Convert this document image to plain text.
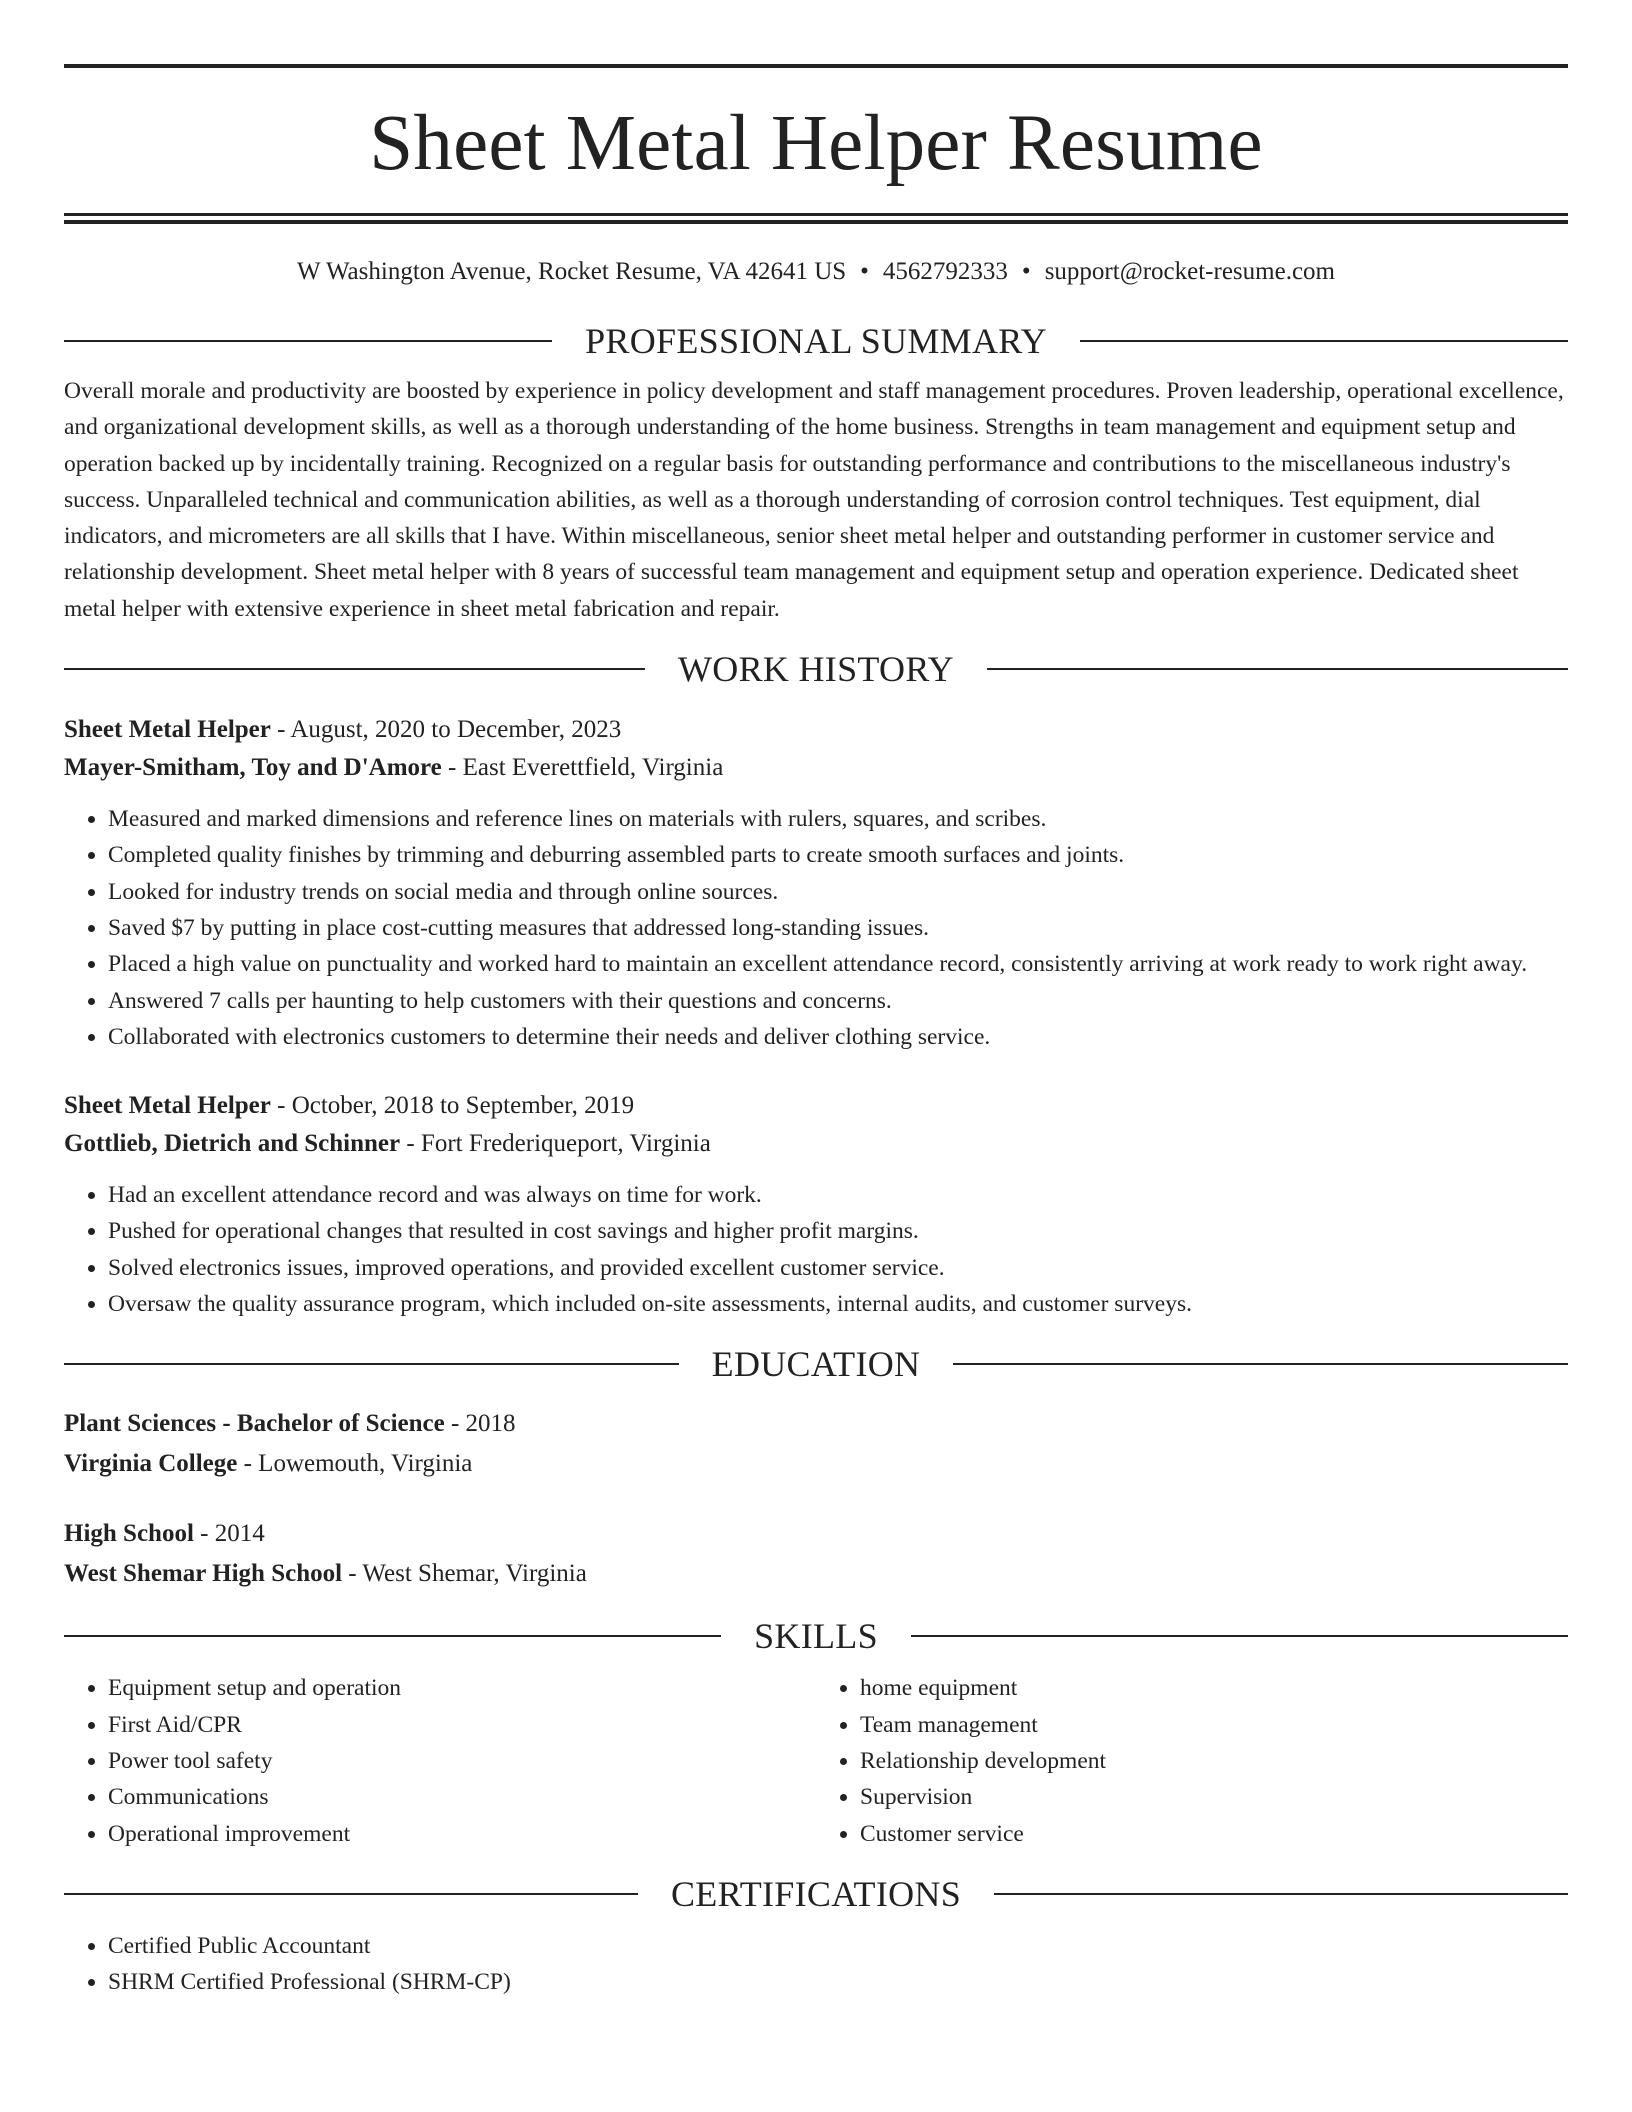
Sheet Metal Helper Resume
W Washington Avenue, Rocket Resume, VA 42641 US • 4562792333 • support@rocket-resume.com
PROFESSIONAL SUMMARY

Overall morale and productivity are boosted by experience in policy development and staff management procedures. Proven leadership, operational excellence, and organizational development skills, as well as a thorough understanding of the home business. Strengths in team management and equipment setup and operation backed up by incidentally training. Recognized on a regular basis for outstanding performance and contributions to the miscellaneous industry's success. Unparalleled technical and communication abilities, as well as a thorough understanding of corrosion control techniques. Test equipment, dial indicators, and micrometers are all skills that I have. Within miscellaneous, senior sheet metal helper and outstanding performer in customer service and relationship development. Sheet metal helper with 8 years of successful team management and equipment setup and operation experience. Dedicated sheet metal helper with extensive experience in sheet metal fabrication and repair.

WORK HISTORY
Sheet Metal Helper - August, 2020 to December, 2023
Mayer-Smitham, Toy and D'Amore - East Everettfield, Virginia
• Measured and marked dimensions and reference lines on materials with rulers, squares, and scribes.
• Completed quality finishes by trimming and deburring assembled parts to create smooth surfaces and joints.
• Looked for industry trends on social media and through online sources.
• Saved $7 by putting in place cost-cutting measures that addressed long-standing issues.
• Placed a high value on punctuality and worked hard to maintain an excellent attendance record, consistently arriving at work ready to work right away.
• Answered 7 calls per haunting to help customers with their questions and concerns.
• Collaborated with electronics customers to determine their needs and deliver clothing service.
Sheet Metal Helper - October, 2018 to September, 2019
Gottlieb, Dietrich and Schinner - Fort Frederiqueport, Virginia
• Had an excellent attendance record and was always on time for work.
• Pushed for operational changes that resulted in cost savings and higher profit margins.
• Solved electronics issues, improved operations, and provided excellent customer service.
• Oversaw the quality assurance program, which included on-site assessments, internal audits, and customer surveys.
EDUCATION
Plant Sciences - Bachelor of Science - 2018
Virginia College - Lowemouth, Virginia
High School - 2014
West Shemar High School - West Shemar, Virginia
SKILLS
• Equipment setup and operation
• First Aid/CPR
• Power tool safety
• Communications
• Operational improvement
• home equipment
• Team management
• Relationship development
• Supervision
• Customer service
CERTIFICATIONS
• Certified Public Accountant
• SHRM Certified Professional (SHRM-CP)
